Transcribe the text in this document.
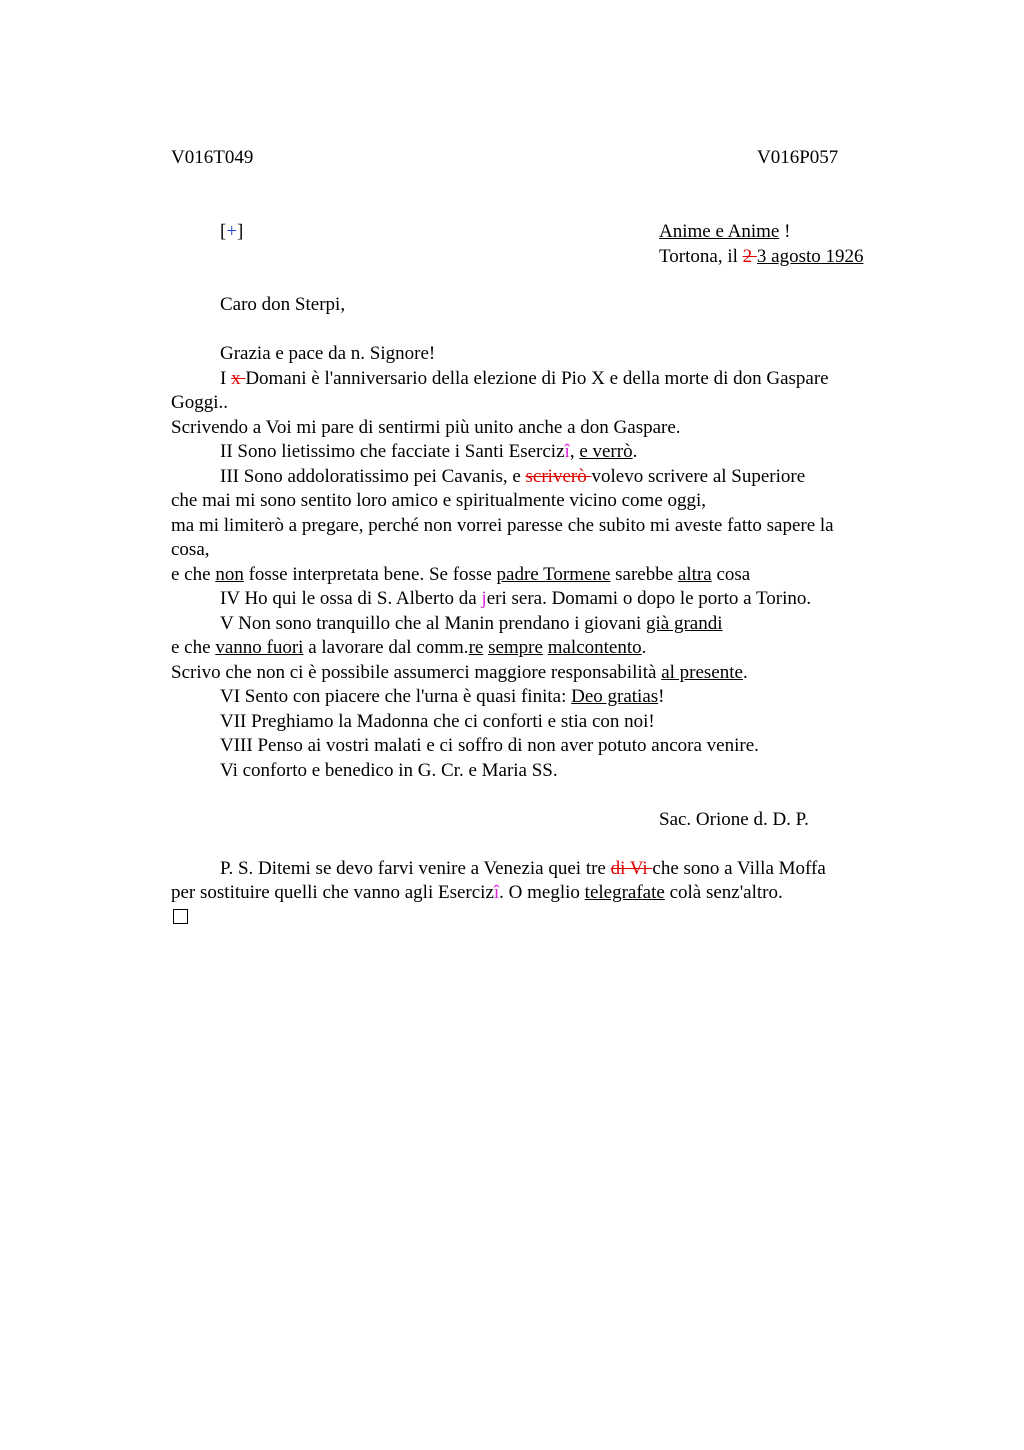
V016T049	V016P057
[+]	Anime e Anime !
Tortona, il 2 3 agosto 1926
Caro don Sterpi,
Grazia e pace da n. Signore!
I x Domani è l'anniversario della elezione di Pio X e della morte di don Gaspare
Goggi..
Scrivendo a Voi mi pare di sentirmi più unito anche a don Gaspare.
II Sono lietissimo che facciate i Santi Esercizî, e verrò.
III Sono addoloratissimo pei Cavanis, e scriverò volevo scrivere al Superiore
che mai mi sono sentito loro amico e spiritualmente vicino come oggi,
ma mi limiterò a pregare, perché non vorrei paresse che subito mi aveste fatto sapere la
cosa,
e che non fosse interpretata bene. Se fosse padre Tormene sarebbe altra cosa
IV Ho qui le ossa di S. Alberto da jeri sera. Domami o dopo le porto a Torino.
V Non sono tranquillo che al Manin prendano i giovani già grandi
e che vanno fuori a lavorare dal comm.re sempre malcontento.
Scrivo che non ci è possibile assumerci maggiore responsabilità al presente.
VI Sento con piacere che l'urna è quasi finita: Deo gratias!
VII Preghiamo la Madonna che ci conforti e stia con noi!
VIII Penso ai vostri malati e ci soffro di non aver potuto ancora venire.
Vi conforto e benedico in G. Cr. e Maria SS.
Sac. Orione d. D. P.
P. S. Ditemi se devo farvi venire a Venezia quei tre di Vi che sono a Villa Moffa
per sostituire quelli che vanno agli Esercizî. O meglio telegrafate colà senz'altro.
